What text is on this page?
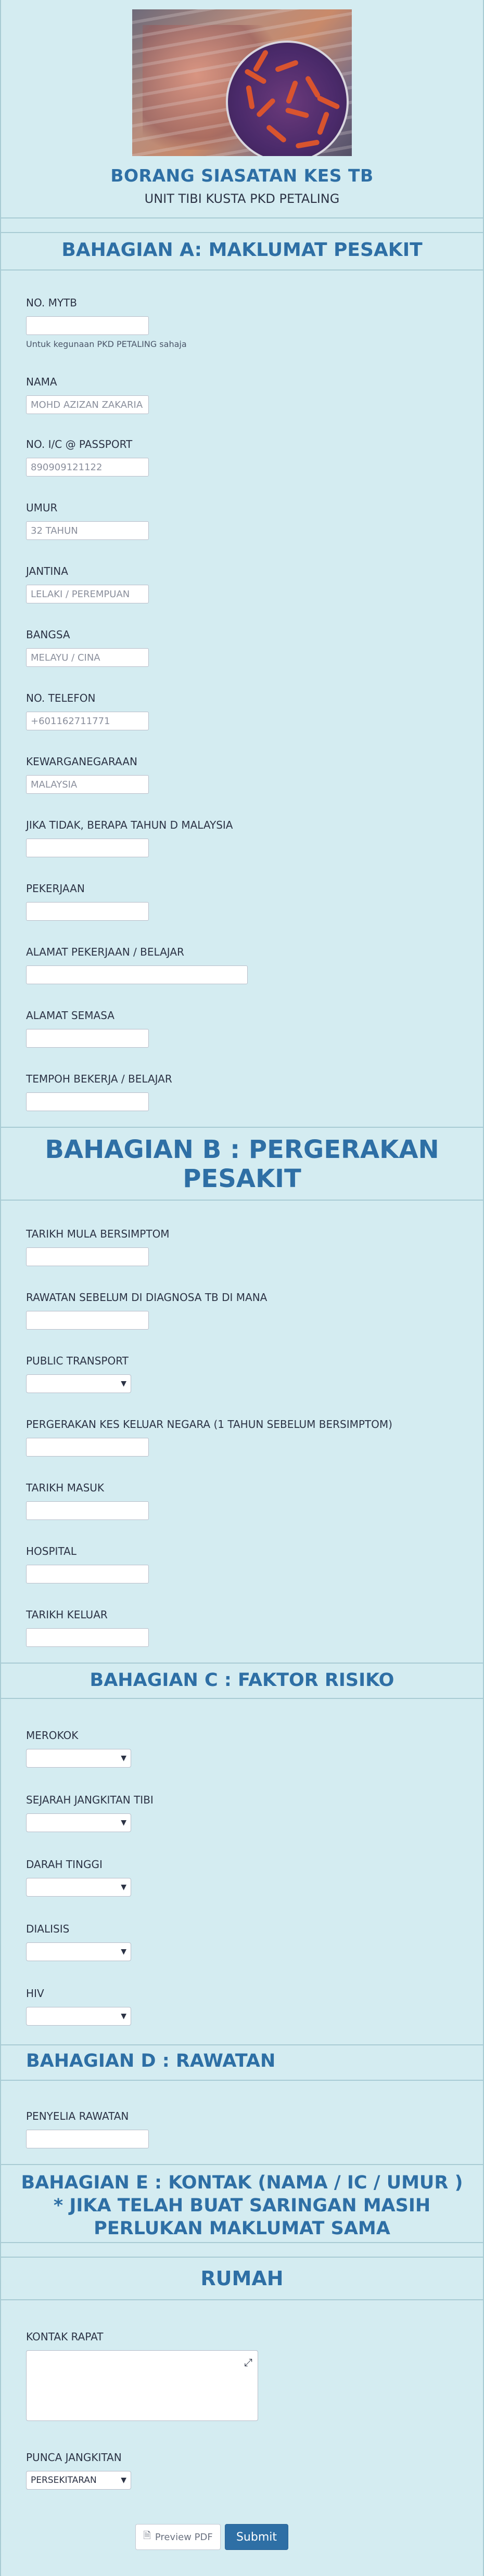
BORANG SIASATAN KES TB
UNIT TIBI KUSTA PKD PETALING
BAHAGIAN A: MAKLUMAT PESAKIT
NO. MYTB
Untuk kegunaan PKD PETALING sahaja
NAMA
MOHD AZIZAN ZAKARIA
NO. I/C @ PASSPORT
890909121122
UMUR
32 TAHUN
JANTINA
LELAKI / PEREMPUAN
BANGSA
MELAYU / CINA
NO. TELEFON
+601162711771
KEWARGANEGARAAN
MALAYSIA
JIKA TIDAK, BERAPA TAHUN D MALAYSIA
PEKERJAAN
ALAMAT PEKERJAAN / BELAJAR
ALAMAT SEMASA
TEMPOH BEKERJA / BELAJAR
BAHAGIAN B : PERGERAKAN
PESAKIT
TARIKH MULA BERSIMPTOM
RAWATAN SEBELUM DI DIAGNOSA TB DI MANA
PUBLIC TRANSPORT
▼
PERGERAKAN KES KELUAR NEGARA (1 TAHUN SEBELUM BERSIMPTOM)
TARIKH MASUK
HOSPITAL
TARIKH KELUAR
BAHAGIAN C : FAKTOR RISIKO
MEROKOK
▼
SEJARAH JANGKITAN TIBI
▼
DARAH TINGGI
▼
DIALISIS
▼
HIV
▼
BAHAGIAN D : RAWATAN
PENYELIA RAWATAN
BAHAGIAN E : KONTAK (NAMA / IC / UMUR )
* JIKA TELAH BUAT SARINGAN MASIH
PERLUKAN MAKLUMAT SAMA
RUMAH
KONTAK RAPAT
⤢
PUNCA JANGKITAN
PERSEKITARAN	▼
🗎 Preview PDF	Submit
